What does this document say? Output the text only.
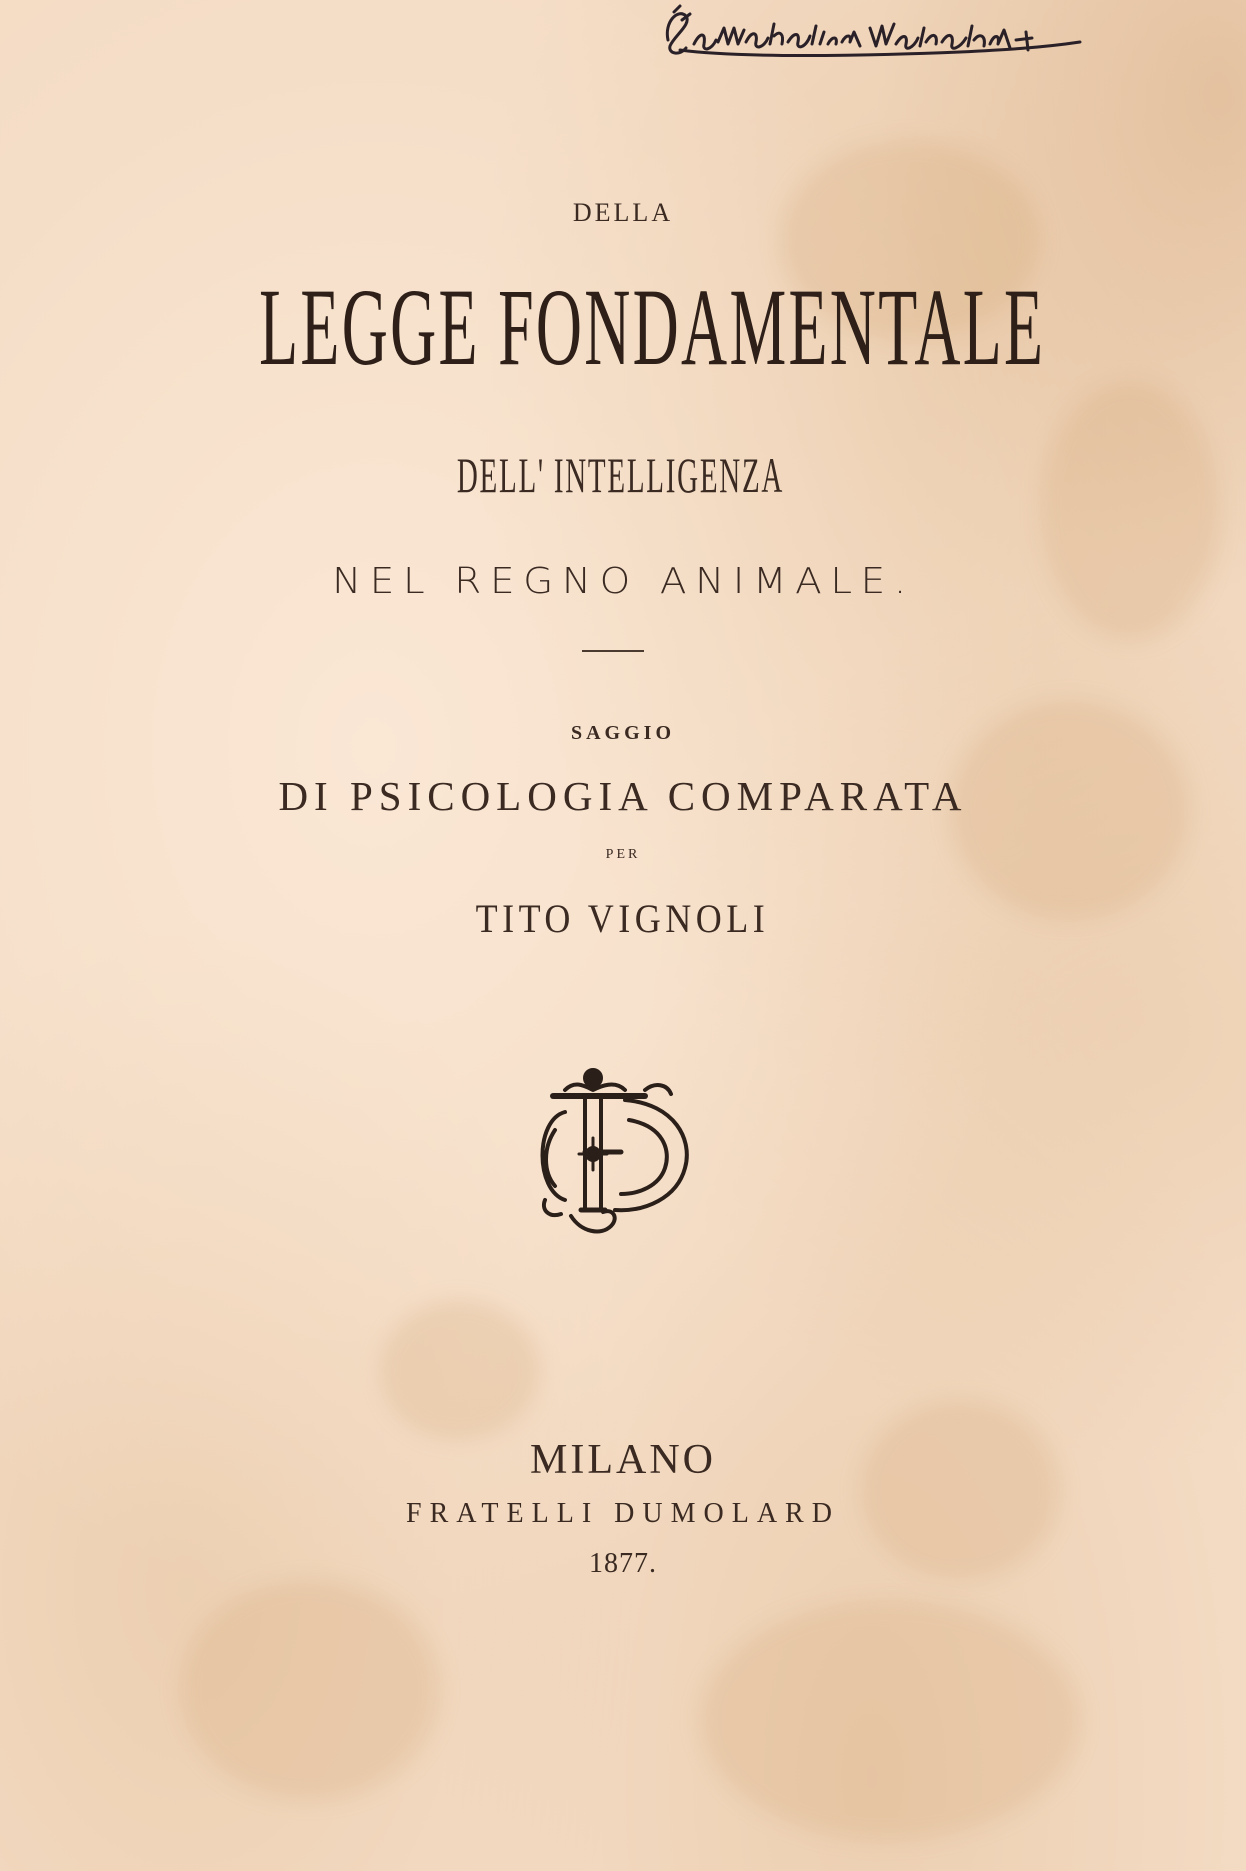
DELLA
LEGGE FONDAMENTALE
DELL' INTELLIGENZA
NEL REGNO ANIMALE.
SAGGIO
DI PSICOLOGIA COMPARATA
PER
TITO VIGNOLI
MILANO
FRATELLI DUMOLARD
1877.
